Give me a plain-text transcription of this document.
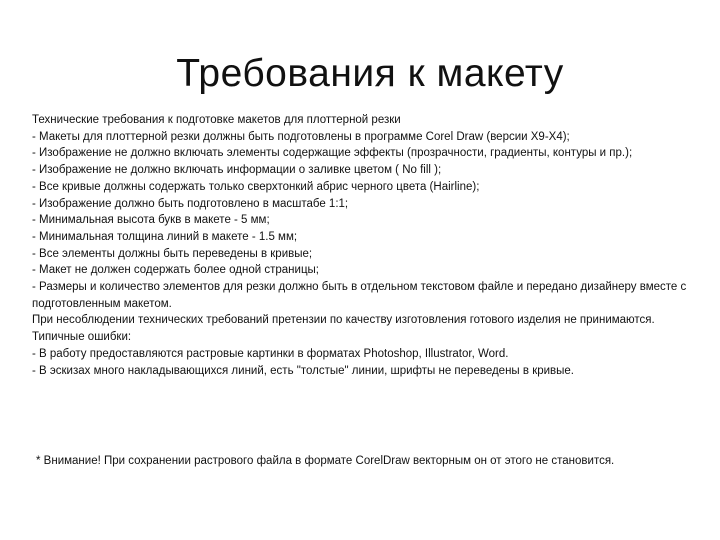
Требования к макету
Технические требования к подготовке макетов для плоттерной резки
- Макеты для плоттерной резки должны быть подготовлены в программе Corel Draw (версии X9-X4);
- Изображение не должно включать элементы содержащие эффекты (прозрачности, градиенты, контуры и пр.);
- Изображение не должно включать информации о заливке цветом ( No fill );
- Все кривые должны содержать только сверхтонкий абрис черного цвета (Hairline);
- Изображение должно быть подготовлено в масштабе 1:1;
- Минимальная высота букв в макете - 5 мм;
- Минимальная толщина линий в макете - 1.5 мм;
- Все элементы должны быть переведены в кривые;
- Макет не должен содержать более одной страницы;
- Размеры и количество элементов для резки должно быть в отдельном текстовом файле и передано дизайнеру вместе с подготовленным макетом.
При несоблюдении технических требований претензии по качеству изготовления готового изделия не принимаются.
Типичные ошибки:
- В работу предоставляются растровые картинки в форматах Photoshop, Illustrator, Word.
- В эскизах много накладывающихся линий, есть "толстые" линии, шрифты не переведены в кривые.
* Внимание! При сохранении растрового файла в формате CorelDraw векторным он от этого не становится.
